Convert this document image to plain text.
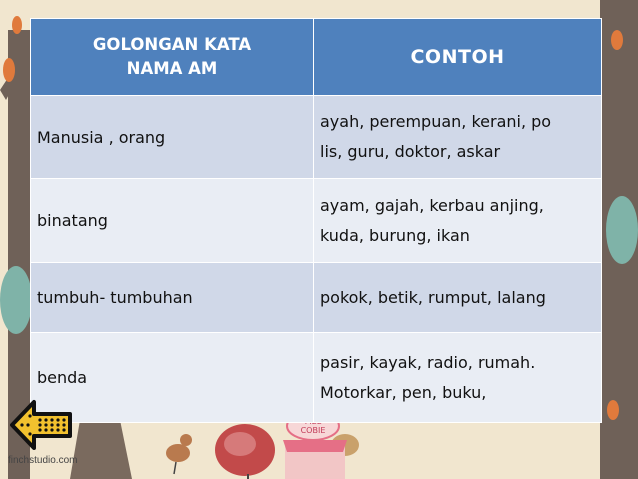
MEL
COBIE
GOLONGAN KATA
NAMA AM	CONTOH
Manusia , orang	ayah, perempuan, kerani, po
lis, guru, doktor, askar

binatang	ayam, gajah, kerbau anjing,
kuda, burung, ikan

tumbuh- tumbuhan	pokok, betik, rumput, lalang

benda	pasir, kayak, radio, rumah.
Motorkar, pen, buku,
finchstudio.com
